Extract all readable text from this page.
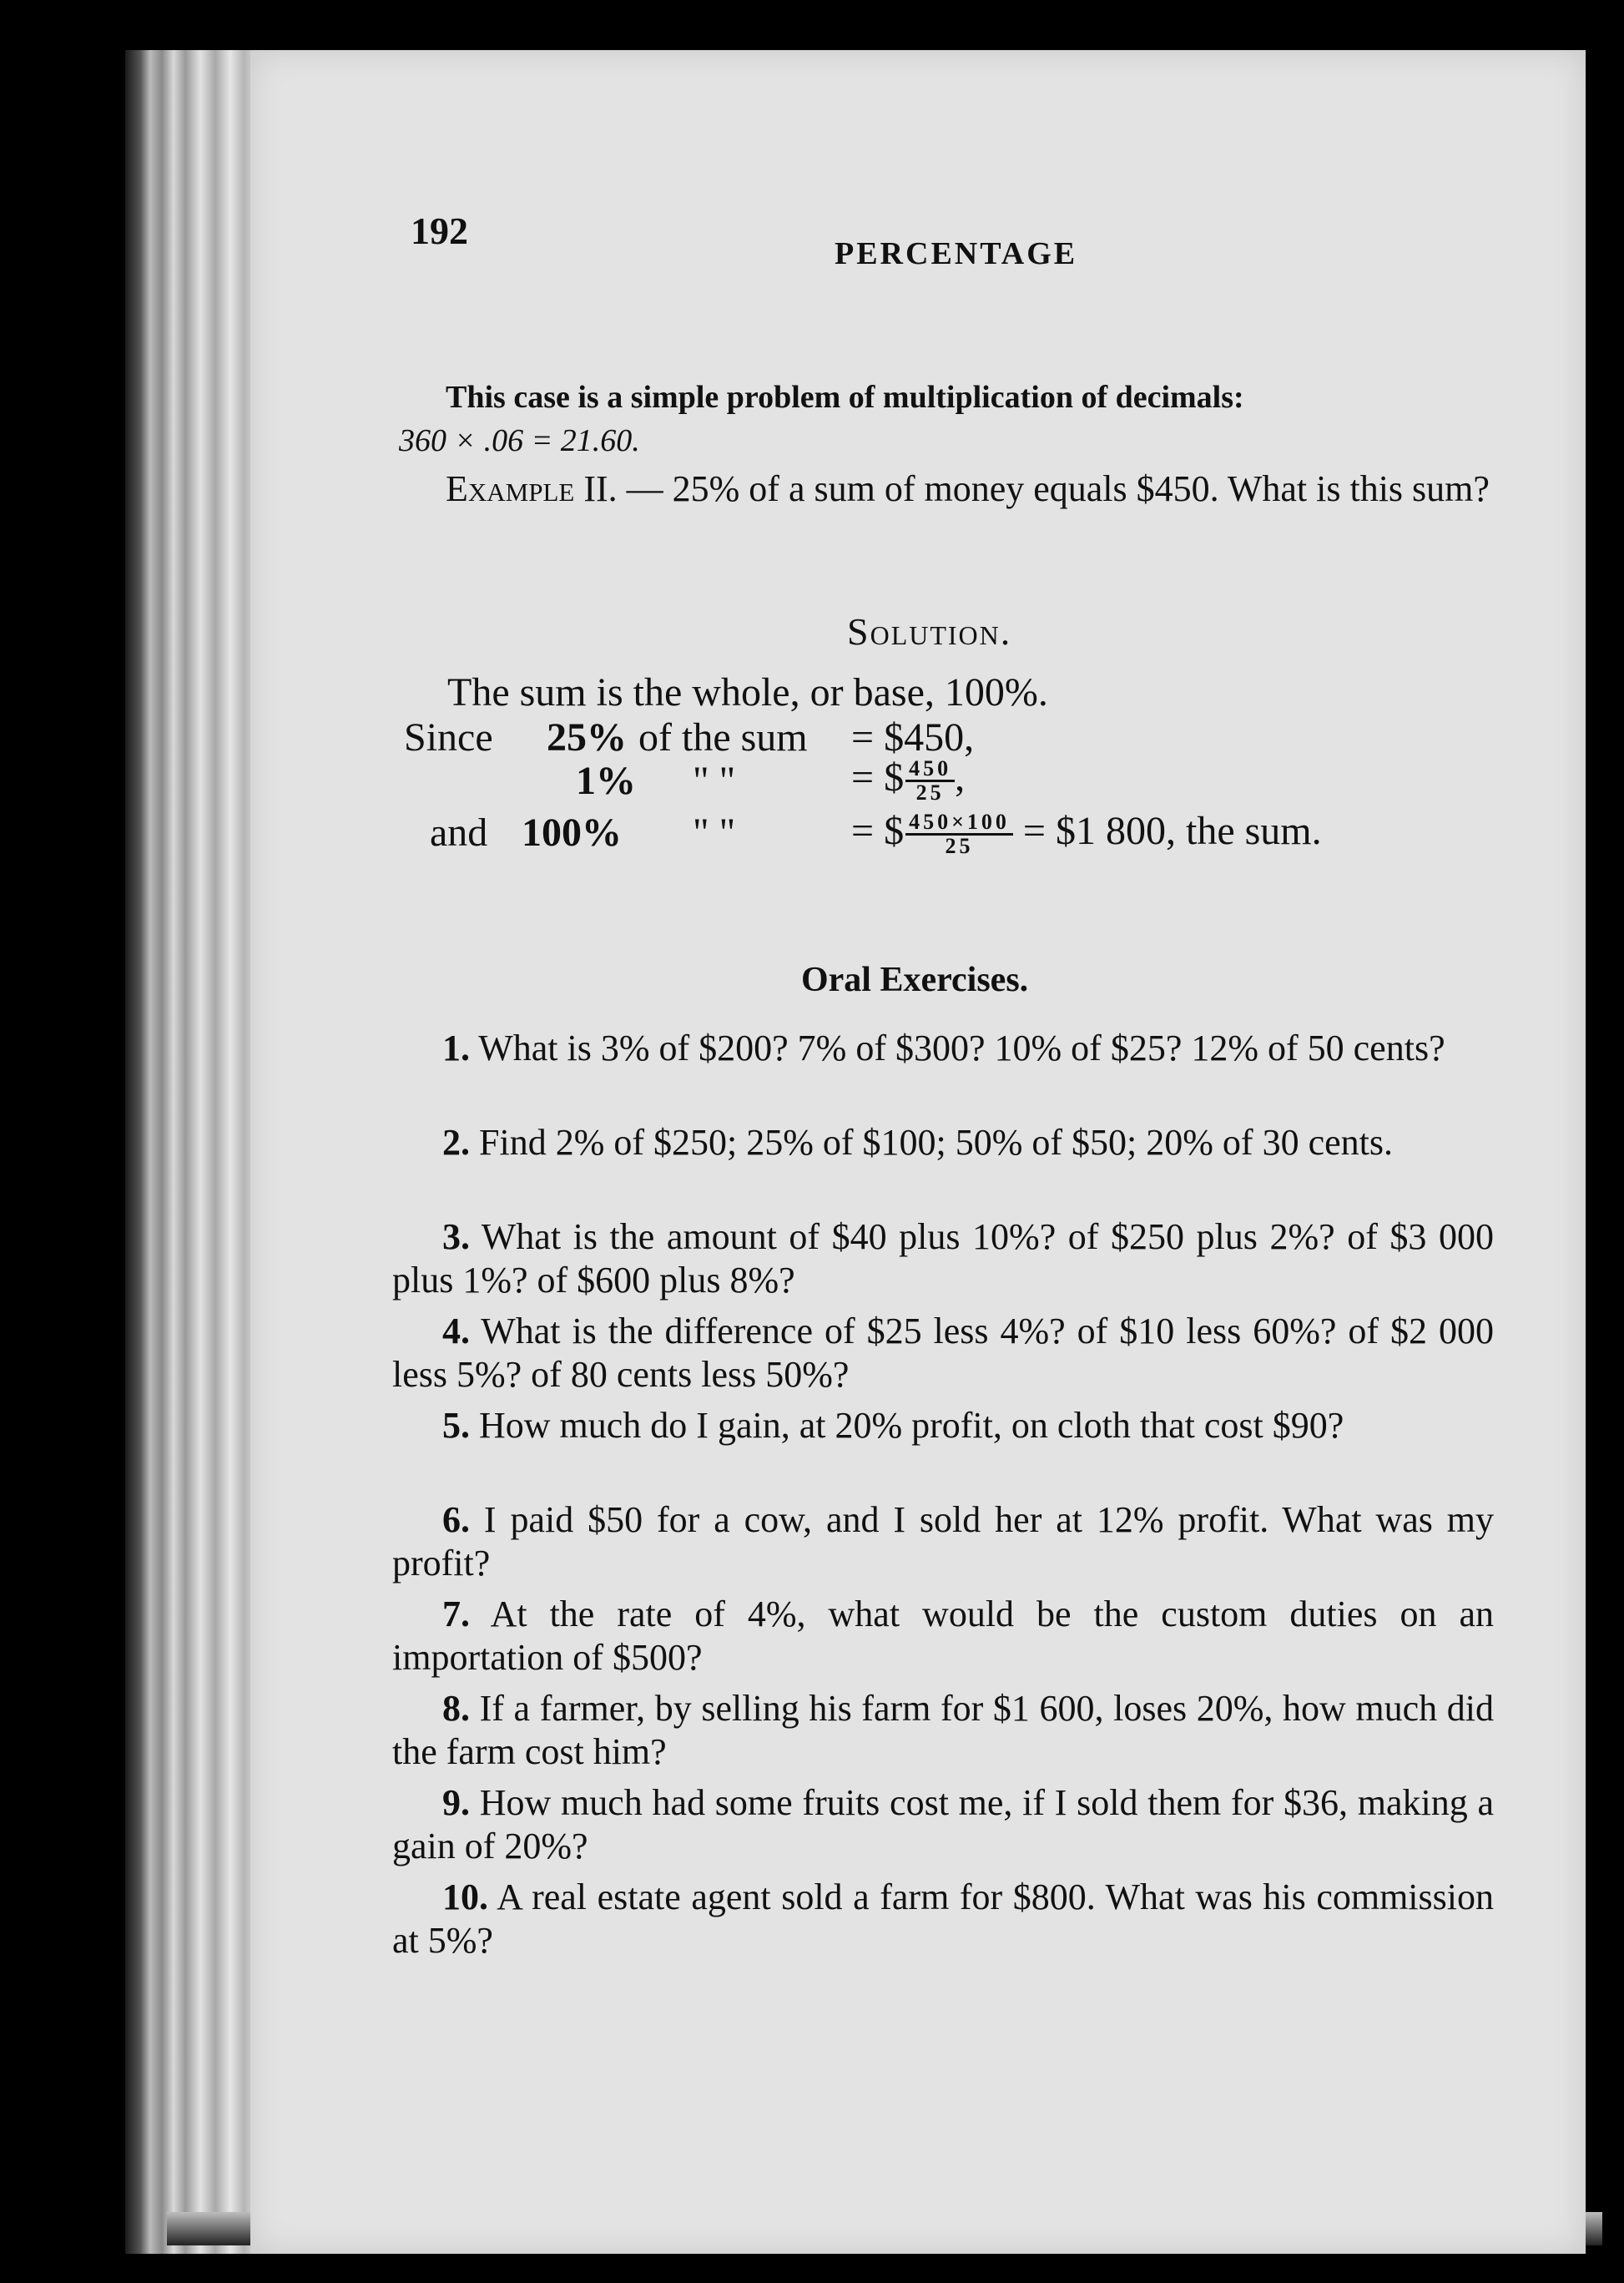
192
PERCENTAGE

This case is a simple problem of multiplication of decimals:
360 × .06 = 21.60.

Example II. — 25% of a sum of money equals $450. What is this sum?

Solution.
The sum is the whole, or base, 100%.
Since 25% of the sum = $450,
1% " "	= $ $\frac{450}{25}$ ,
and 100% " "	= $ $\frac{450\times 100}{25}$ = $1 800, the sum.
Oral Exercises.

1. What is 3% of $200? 7% of $300? 10% of $25? 12% of 50 cents?

2. Find 2% of $250; 25% of $100; 50% of $50; 20% of 30 cents.

3. What is the amount of $40 plus 10%? of $250 plus 2%? of $3 000 plus 1%? of $600 plus 8%?

4. What is the difference of $25 less 4%? of $10 less 60%? of $2 000 less 5%? of 80 cents less 50%?

5. How much do I gain, at 20% profit, on cloth that cost $90?

6. I paid $50 for a cow, and I sold her at 12% profit. What was my profit?

7. At the rate of 4%, what would be the custom duties on an importation of $500?

8. If a farmer, by selling his farm for $1 600, loses 20%, how much did the farm cost him?

9. How much had some fruits cost me, if I sold them for $36, making a gain of 20%?

10. A real estate agent sold a farm for $800. What was his commission at 5%?
